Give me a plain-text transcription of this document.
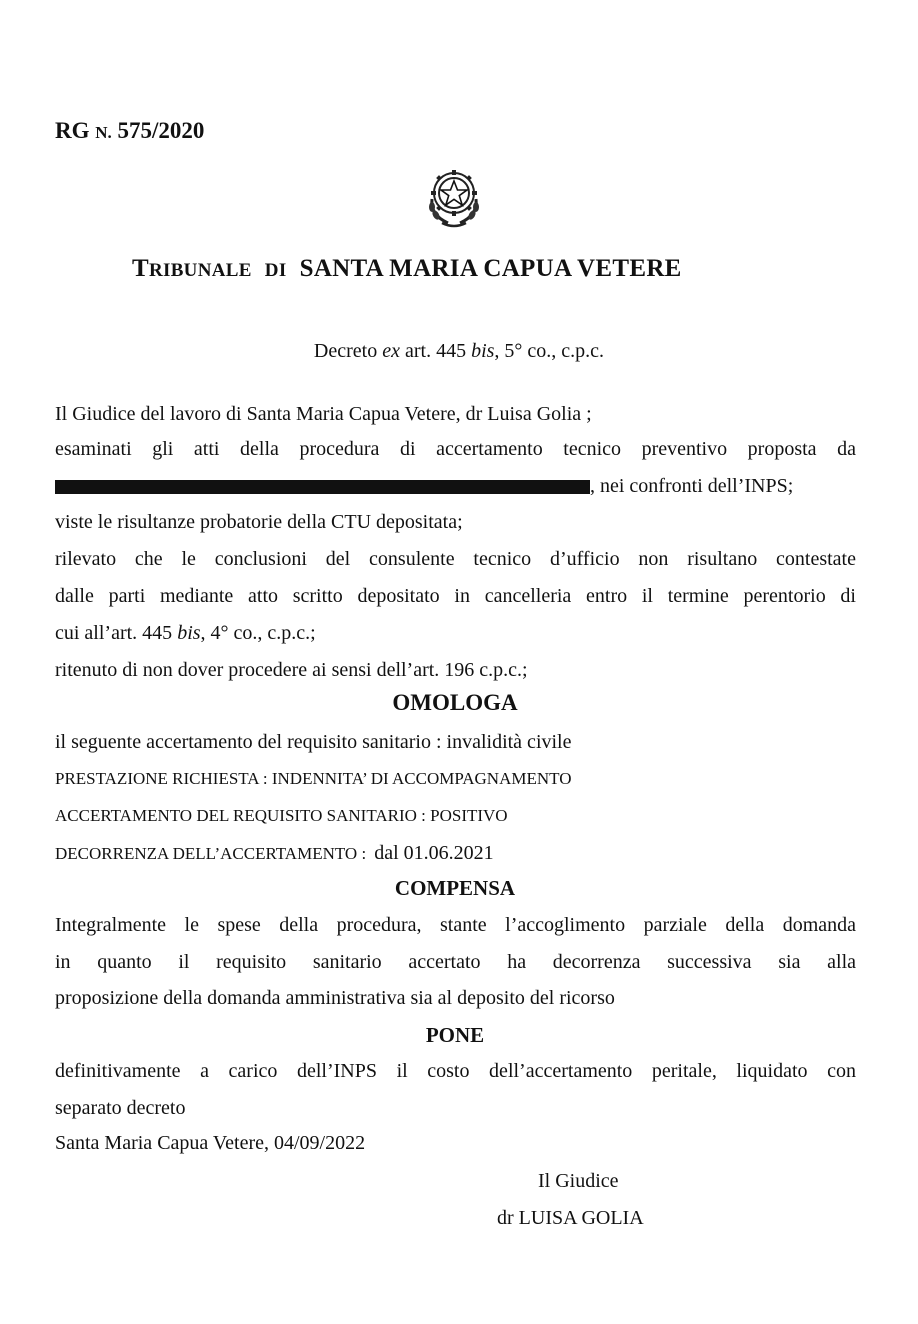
RG N. 575/2020
TRIBUNALE DI SANTA MARIA CAPUA VETERE
Decreto ex art. 445 bis, 5° co., c.p.c.
Il Giudice del lavoro di Santa Maria Capua Vetere, dr Luisa Golia ;
esaminati gli atti della procedura di accertamento tecnico preventivo proposta da
, nei confronti dell’INPS;
viste le risultanze probatorie della CTU depositata;
rilevato che le conclusioni del consulente tecnico d’ufficio non risultano contestate
dalle parti mediante atto scritto depositato in cancelleria entro il termine perentorio di
cui all’art. 445 bis, 4° co., c.p.c.;
ritenuto di non dover procedere ai sensi dell’art. 196 c.p.c.;
OMOLOGA
il seguente accertamento del requisito sanitario : invalidità civile
PRESTAZIONE RICHIESTA : INDENNITA’ DI ACCOMPAGNAMENTO
ACCERTAMENTO DEL REQUISITO SANITARIO : POSITIVO
DECORRENZA DELL’ACCERTAMENTO : dal 01.06.2021
COMPENSA
Integralmente le spese della procedura, stante l’accoglimento parziale della domanda
in quanto il requisito sanitario accertato ha decorrenza successiva sia alla
proposizione della domanda amministrativa sia al deposito del ricorso
PONE
definitivamente a carico dell’INPS il costo dell’accertamento peritale, liquidato con
separato decreto
Santa Maria Capua Vetere, 04/09/2022
Il Giudice
dr LUISA GOLIA
